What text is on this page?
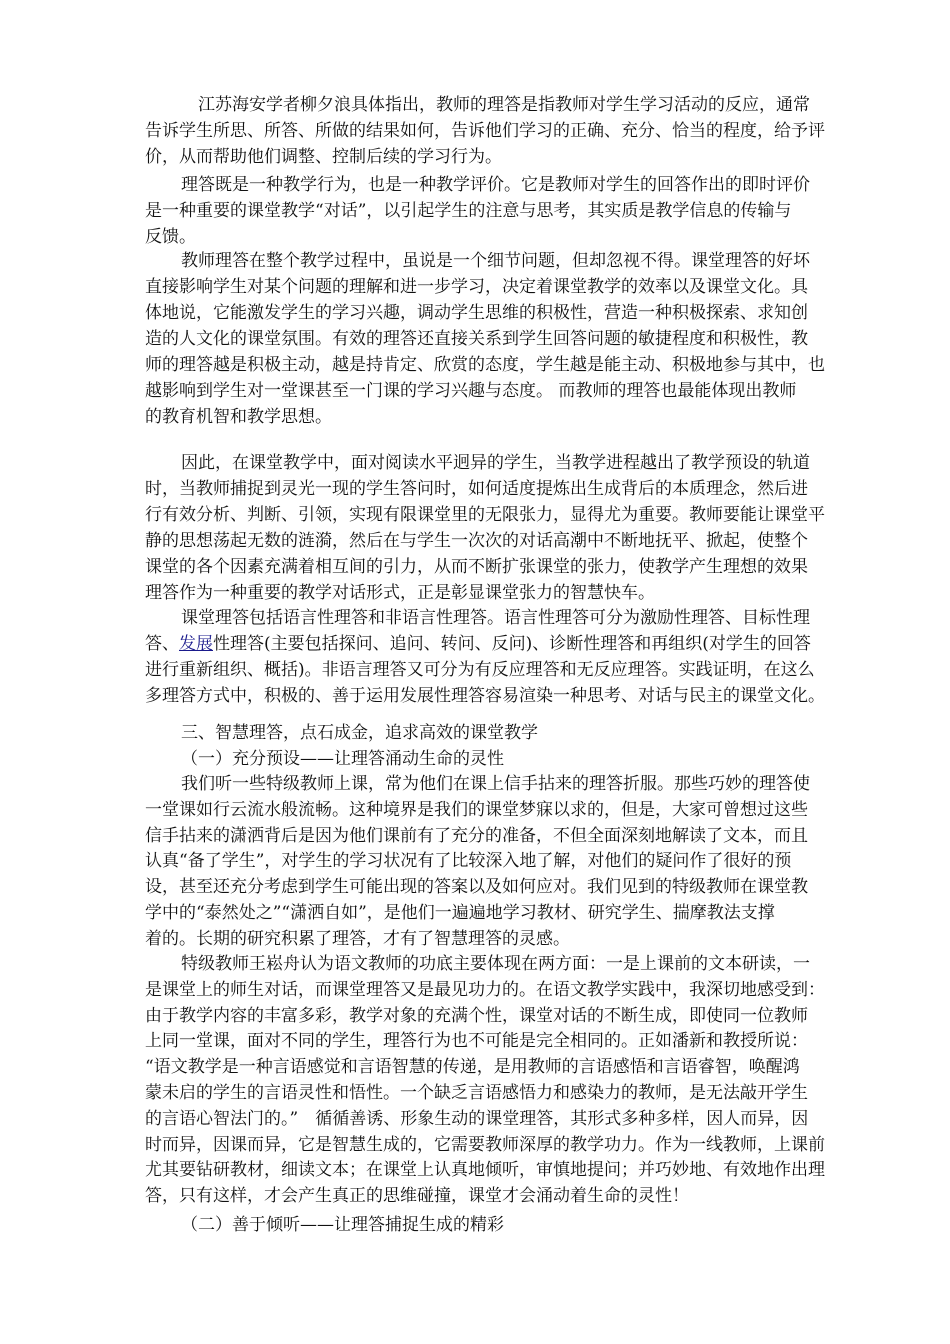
　江苏海安学者柳夕浪具体指出，教师的理答是指教师对学生学习活动的反应，通常
告诉学生所思、所答、所做的结果如何，告诉他们学习的正确、充分、恰当的程度，给予评
价，从而帮助他们调整、控制后续的学习行为。
理答既是一种教学行为，也是一种教学评价。它是教师对学生的回答作出的即时评价
是一种重要的课堂教学“对话”，以引起学生的注意与思考，其实质是教学信息的传输与
反馈。
教师理答在整个教学过程中，虽说是一个细节问题，但却忽视不得。课堂理答的好坏
直接影响学生对某个问题的理解和进一步学习，决定着课堂教学的效率以及课堂文化。具
体地说，它能激发学生的学习兴趣，调动学生思维的积极性，营造一种积极探索、求知创
造的人文化的课堂氛围。有效的理答还直接关系到学生回答问题的敏捷程度和积极性，教
师的理答越是积极主动，越是持肯定、欣赏的态度，学生越是能主动、积极地参与其中，也
越影响到学生对一堂课甚至一门课的学习兴趣与态度。 而教师的理答也最能体现出教师
的教育机智和教学思想。
因此，在课堂教学中，面对阅读水平迥异的学生，当教学进程越出了教学预设的轨道
时，当教师捕捉到灵光一现的学生答问时，如何适度提炼出生成背后的本质理念，然后进
行有效分析、判断、引领，实现有限课堂里的无限张力，显得尤为重要。教师要能让课堂平
静的思想荡起无数的涟漪，然后在与学生一次次的对话高潮中不断地抚平、掀起，使整个
课堂的各个因素充满着相互间的引力，从而不断扩张课堂的张力，使教学产生理想的效果
理答作为一种重要的教学对话形式，正是彰显课堂张力的智慧快车。
课堂理答包括语言性理答和非语言性理答。语言性理答可分为激励性理答、目标性理
答、发展性理答(主要包括探问、追问、转问、反问)、诊断性理答和再组织(对学生的回答
进行重新组织、概括)。非语言理答又可分为有反应理答和无反应理答。实践证明，在这么
多理答方式中，积极的、善于运用发展性理答容易渲染一种思考、对话与民主的课堂文化。
三、智慧理答，点石成金，追求高效的课堂教学
（一）充分预设——让理答涌动生命的灵性
我们听一些特级教师上课，常为他们在课上信手拈来的理答折服。那些巧妙的理答使
一堂课如行云流水般流畅。这种境界是我们的课堂梦寐以求的，但是，大家可曾想过这些
信手拈来的潇洒背后是因为他们课前有了充分的准备，不但全面深刻地解读了文本，而且
认真“备了学生”，对学生的学习状况有了比较深入地了解，对他们的疑问作了很好的预
设，甚至还充分考虑到学生可能出现的答案以及如何应对。我们见到的特级教师在课堂教
学中的“泰然处之”“潇洒自如”，是他们一遍遍地学习教材、研究学生、揣摩教法支撑
着的。长期的研究积累了理答，才有了智慧理答的灵感。
特级教师王崧舟认为语文教师的功底主要体现在两方面：一是上课前的文本研读，一
是课堂上的师生对话，而课堂理答又是最见功力的。在语文教学实践中，我深切地感受到：
由于教学内容的丰富多彩，教学对象的充满个性，课堂对话的不断生成，即使同一位教师
上同一堂课，面对不同的学生，理答行为也不可能是完全相同的。正如潘新和教授所说：
“语文教学是一种言语感觉和言语智慧的传递，是用教师的言语感悟和言语睿智，唤醒鸿
蒙未启的学生的言语灵性和悟性。一个缺乏言语感悟力和感染力的教师，是无法敲开学生
的言语心智法门的。”　循循善诱、形象生动的课堂理答，其形式多种多样，因人而异，因
时而异，因课而异，它是智慧生成的，它需要教师深厚的教学功力。作为一线教师，上课前
尤其要钻研教材，细读文本；在课堂上认真地倾听，审慎地提问；并巧妙地、有效地作出理
答，只有这样，才会产生真正的思维碰撞，课堂才会涌动着生命的灵性！
（二）善于倾听——让理答捕捉生成的精彩
